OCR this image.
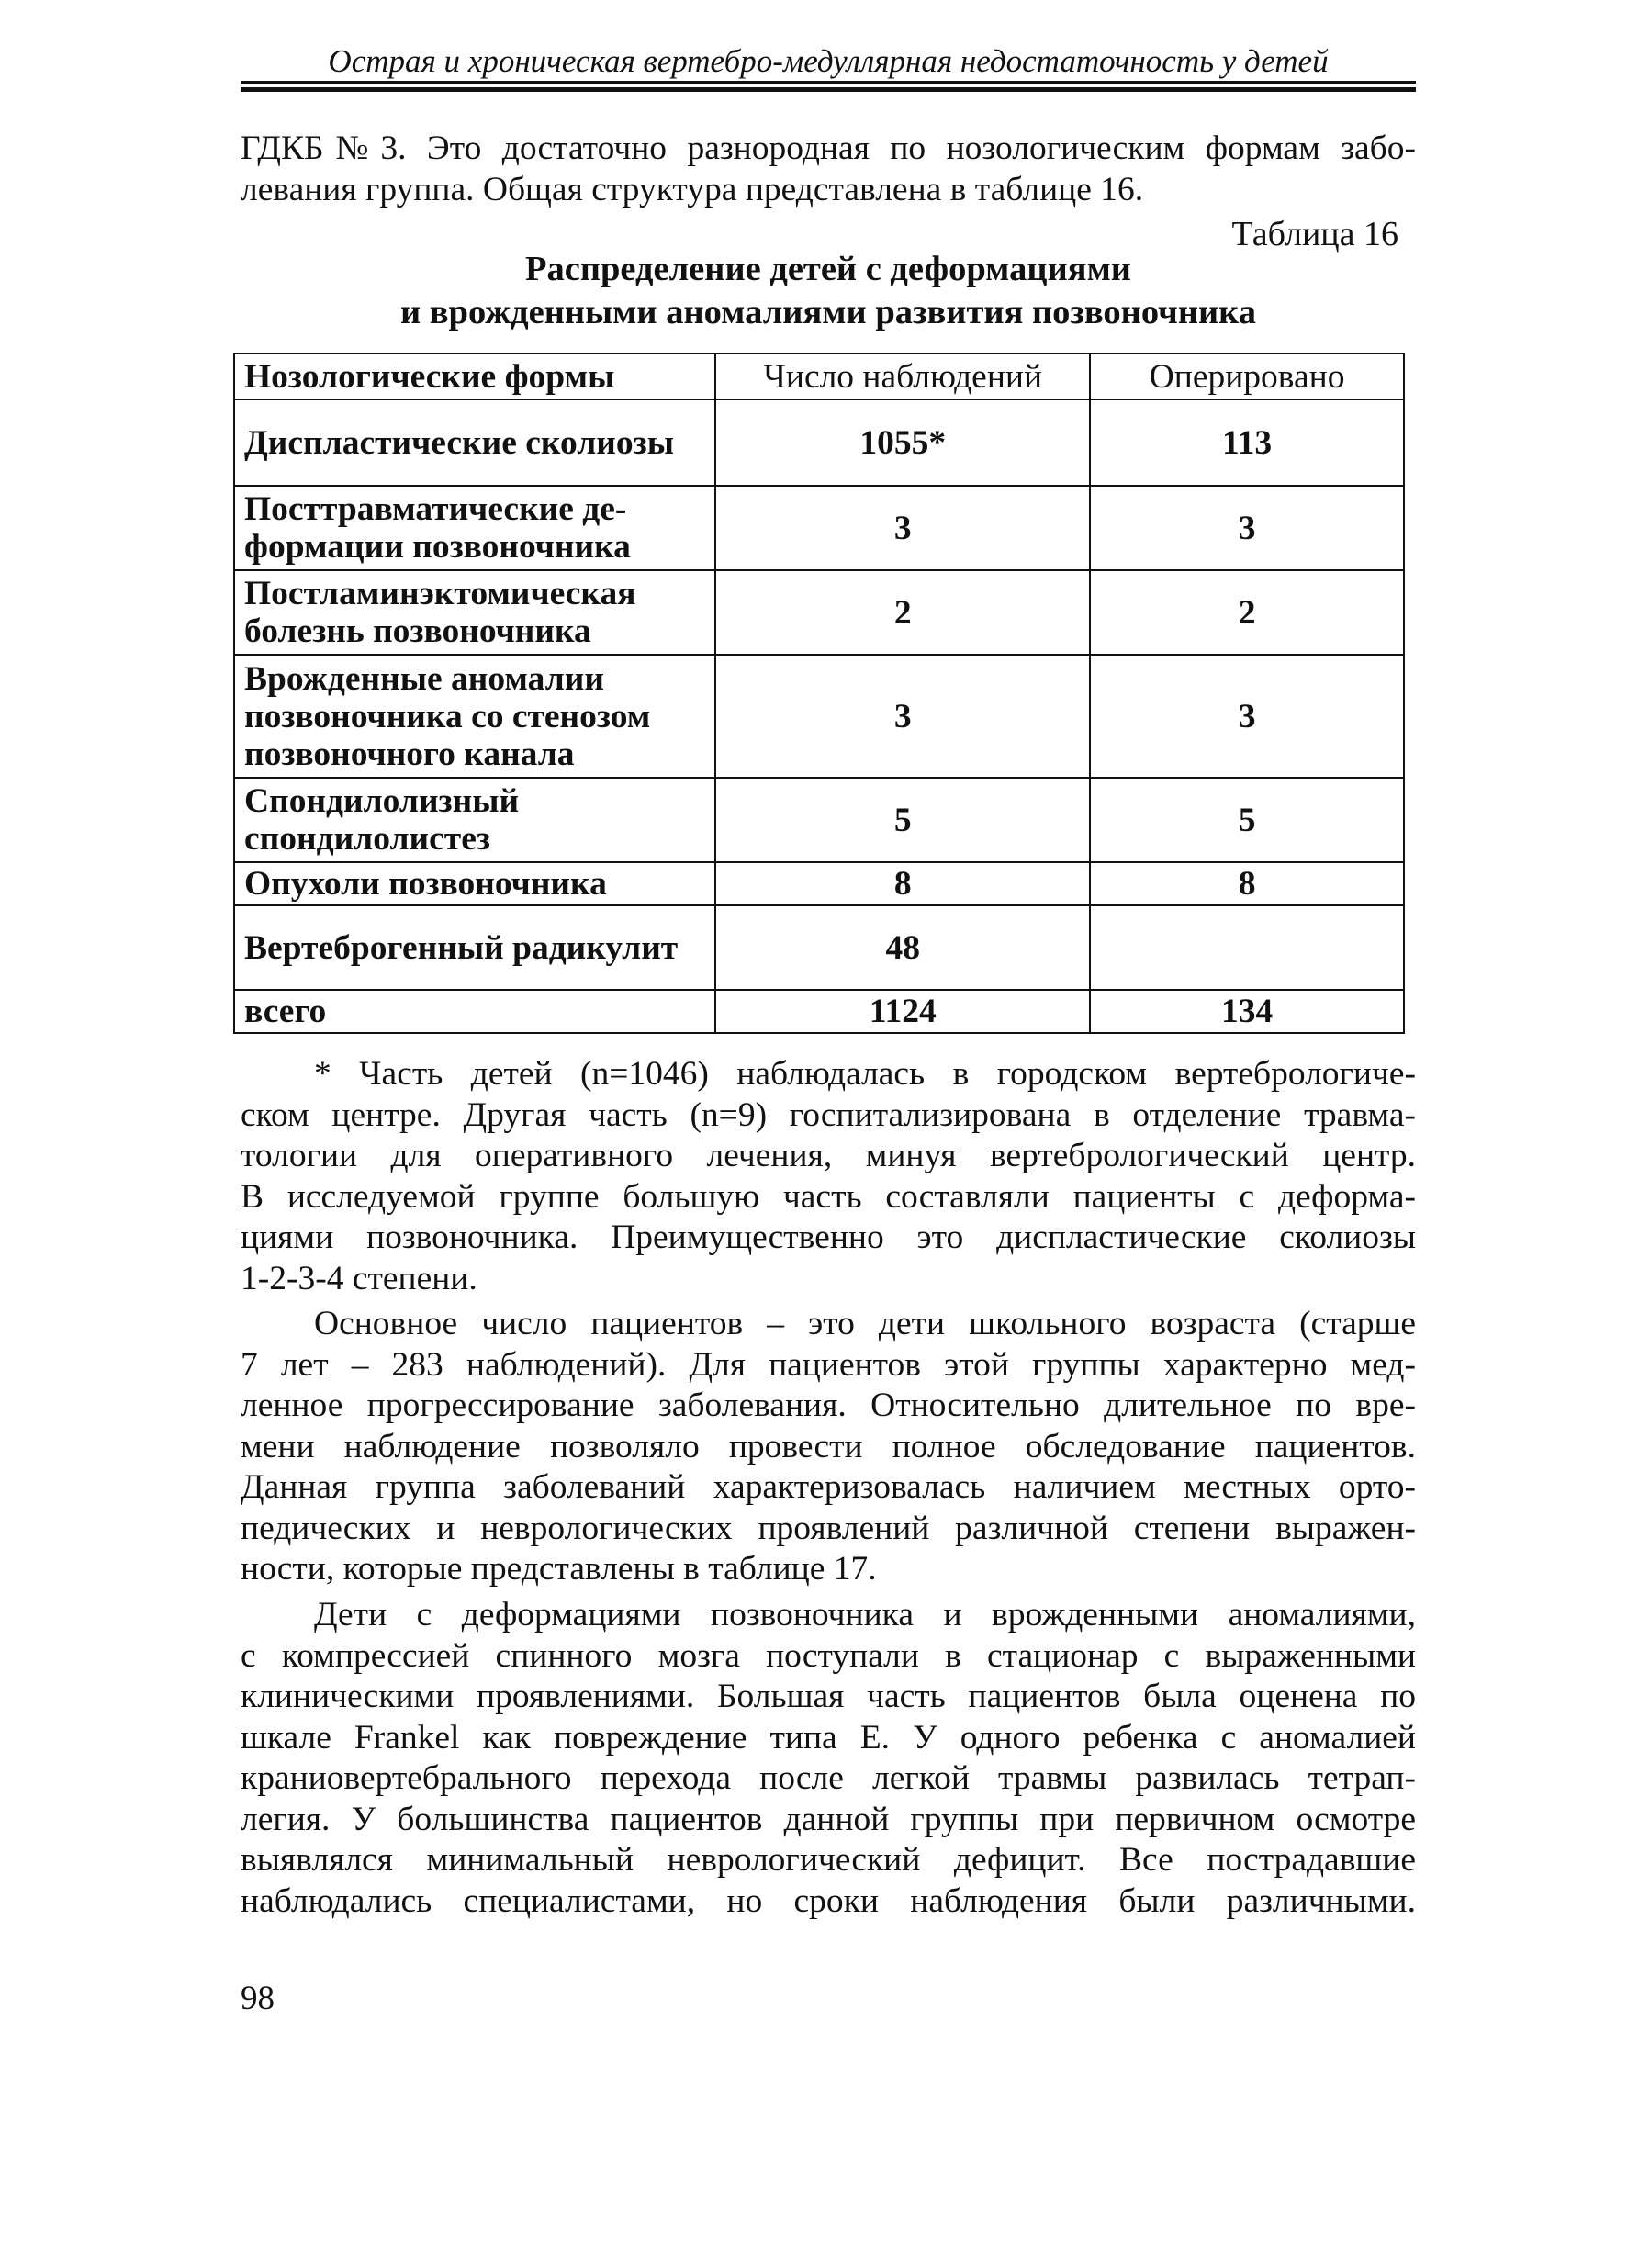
Острая и хроническая вертебро-медуллярная недостаточность у детей
ГДКБ№3. Это достаточно разнородная по нозологическим формам забо-
левания группа. Общая структура представлена в таблице 16.
Таблица 16
Распределение детей с деформациями
и врожденными аномалиями развития позвоночника
Нозологические формы	Число наблюдений	Оперировано
Диспластические сколиозы	1055*	113
Посттравматические де-формации позвоночника	3	3
Постламинэктомическая болезнь позвоночника	2	2
Врожденные аномалии позвоночника со стенозом позвоночного канала	3	3
Спондилолизный спондилолистез	5	5
Опухоли позвоночника	8	8
Вертеброгенный радикулит	48	
всего	1124	134
* Часть детей (n=1046) наблюдалась в городском вертебрологиче-
ском центре. Другая часть (n=9) госпитализирована в отделение травма-
тологии для оперативного лечения, минуя вертебрологический центр.
В исследуемой группе большую часть составляли пациенты с деформа-
циями позвоночника. Преимущественно это диспластические сколиозы
1-2-3-4 степени.
Основное число пациентов – это дети школьного возраста (старше
7 лет – 283 наблюдений). Для пациентов этой группы характерно мед-
ленное прогрессирование заболевания. Относительно длительное по вре-
мени наблюдение позволяло провести полное обследование пациентов.
Данная группа заболеваний характеризовалась наличием местных орто-
педических и неврологических проявлений различной степени выражен-
ности, которые представлены в таблице 17.
Дети с деформациями позвоночника и врожденными аномалиями,
с компрессией спинного мозга поступали в стационар с выраженными
клиническими проявлениями. Большая часть пациентов была оценена по
шкале Frankel как повреждение типа E. У одного ребенка с аномалией
краниовертебрального перехода после легкой травмы развилась тетрап-
легия. У большинства пациентов данной группы при первичном осмотре
выявлялся минимальный неврологический дефицит. Все пострадавшие
наблюдались специалистами, но сроки наблюдения были различными.
98
